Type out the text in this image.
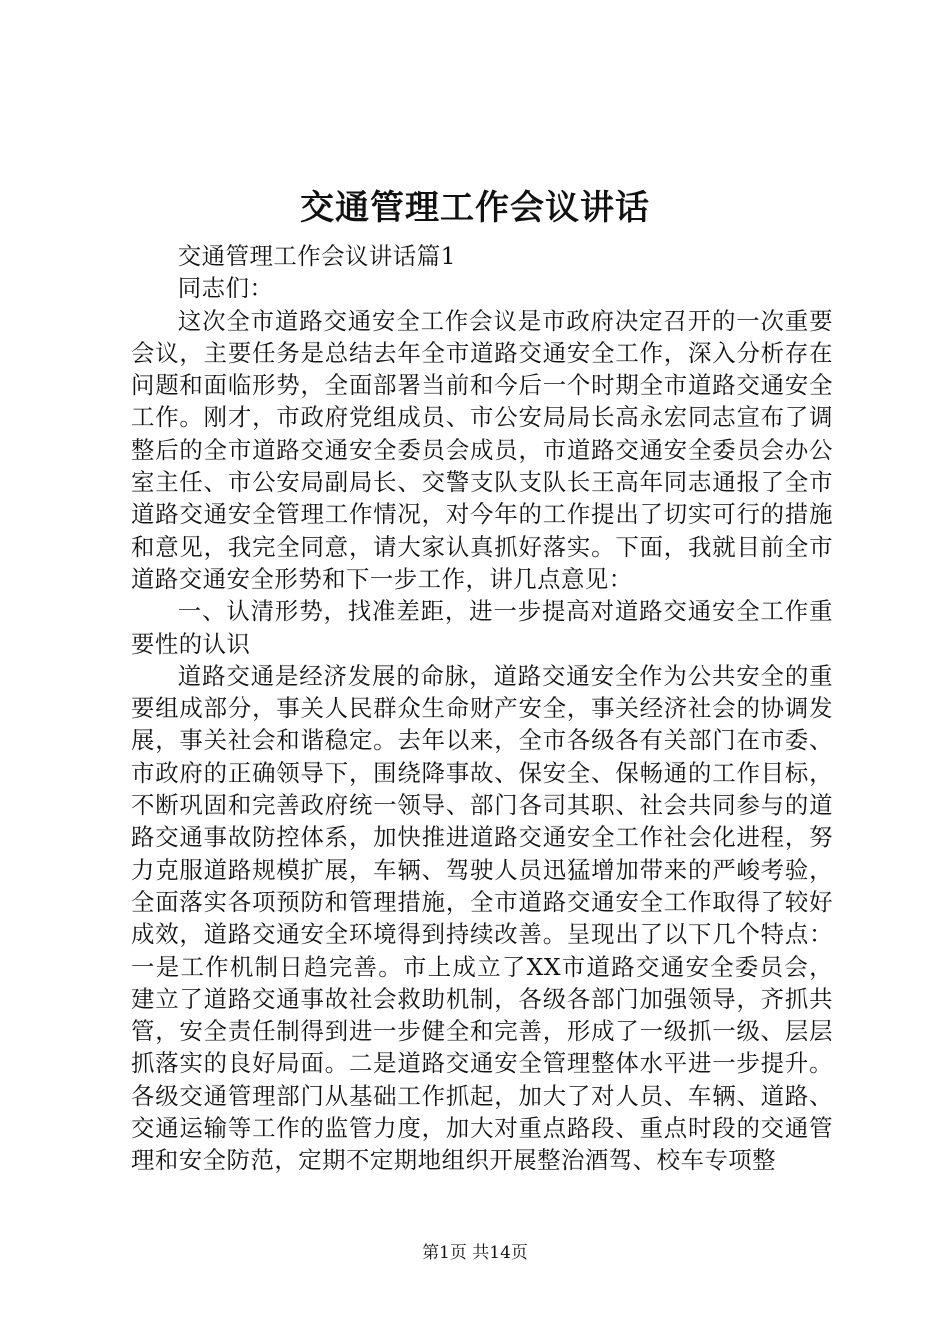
交通管理工作会议讲话

交通管理工作会议讲话篇1

同志们：

这次全市道路交通安全工作会议是市政府决定召开的一次重要会议，主要任务是总结去年全市道路交通安全工作，深入分析存在问题和面临形势，全面部署当前和今后一个时期全市道路交通安全工作。刚才，市政府党组成员、市公安局局长高永宏同志宣布了调整后的全市道路交通安全委员会成员，市道路交通安全委员会办公室主任、市公安局副局长、交警支队支队长王高年同志通报了全市道路交通安全管理工作情况，对今年的工作提出了切实可行的措施和意见，我完全同意，请大家认真抓好落实。下面，我就目前全市道路交通安全形势和下一步工作，讲几点意见：

一、认清形势，找准差距，进一步提高对道路交通安全工作重要性的认识

道路交通是经济发展的命脉，道路交通安全作为公共安全的重要组成部分，事关人民群众生命财产安全，事关经济社会的协调发展，事关社会和谐稳定。去年以来，全市各级各有关部门在市委、市政府的正确领导下，围绕降事故、保安全、保畅通的工作目标，不断巩固和完善政府统一领导、部门各司其职、社会共同参与的道路交通事故防控体系，加快推进道路交通安全工作社会化进程，努力克服道路规模扩展，车辆、驾驶人员迅猛增加带来的严峻考验，全面落实各项预防和管理措施，全市道路交通安全工作取得了较好成效，道路交通安全环境得到持续改善。呈现出了以下几个特点：一是工作机制日趋完善。市上成立了XX市道路交通安全委员会，建立了道路交通事故社会救助机制，各级各部门加强领导，齐抓共管，安全责任制得到进一步健全和完善，形成了一级抓一级、层层抓落实的良好局面。二是道路交通安全管理整体水平进一步提升。各级交通管理部门从基础工作抓起，加大了对人员、车辆、道路、交通运输等工作的监管力度，加大对重点路段、重点时段的交通管理和安全防范，定期不定期地组织开展整治酒驾、校车专项整

第1页 共14页
